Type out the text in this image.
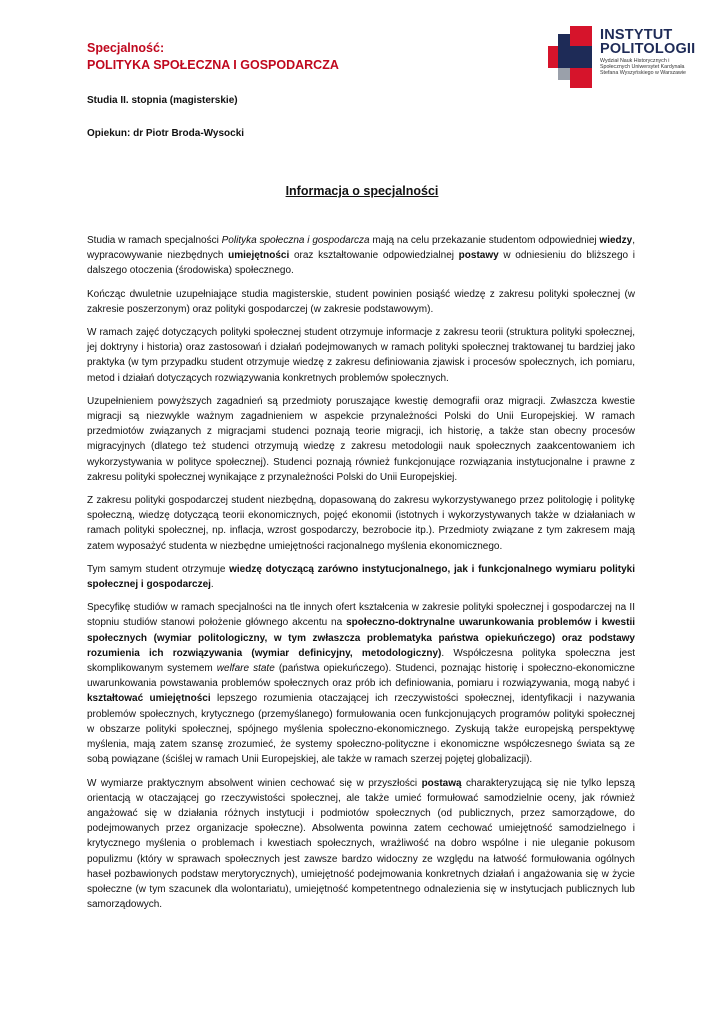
Specjalność:
POLITYKA SPOŁECZNA I GOSPODARCZA
INSTYTUT
POLITOLOGII
Wydział Nauk Historycznych i Społecznych Uniwersytet Kardynała Stefana Wyszyńskiego w Warszawie
Studia II. stopnia (magisterskie)
Opiekun: dr Piotr Broda-Wysocki
Informacja o specjalności

Studia w ramach specjalności Polityka społeczna i gospodarcza mają na celu przekazanie studentom odpowiedniej wiedzy, wypracowywanie niezbędnych umiejętności oraz kształtowanie odpowiedzialnej postawy w odniesieniu do bliższego i dalszego otoczenia (środowiska) społecznego.

Kończąc dwuletnie uzupełniające studia magisterskie, student powinien posiąść wiedzę z zakresu polityki społecznej (w zakresie poszerzonym) oraz polityki gospodarczej (w zakresie podstawowym).

W ramach zajęć dotyczących polityki społecznej student otrzymuje informacje z zakresu teorii (struktura polityki społecznej, jej doktryny i historia) oraz zastosowań i działań podejmowanych w ramach polityki społecznej traktowanej tu bardziej jako praktyka (w tym przypadku student otrzymuje wiedzę z zakresu definiowania zjawisk i procesów społecznych, ich pomiaru, metod i działań dotyczących rozwiązywania konkretnych problemów społecznych.

Uzupełnieniem powyższych zagadnień są przedmioty poruszające kwestię demografii oraz migracji. Zwłaszcza kwestie migracji są niezwykle ważnym zagadnieniem w aspekcie przynależności Polski do Unii Europejskiej. W ramach przedmiotów związanych z migracjami studenci poznają teorie migracji, ich historię, a także stan obecny procesów migracyjnych (dlatego też studenci otrzymują wiedzę z zakresu metodologii nauk społecznych zaakcentowaniem ich wykorzystywania w polityce społecznej). Studenci poznają również funkcjonujące rozwiązania instytucjonalne i prawne z zakresu polityki społecznej wynikające z przynależności Polski do Unii Europejskiej.

Z zakresu polityki gospodarczej student niezbędną, dopasowaną do zakresu wykorzystywanego przez politologię i politykę społeczną, wiedzę dotyczącą teorii ekonomicznych, pojęć ekonomii (istotnych i wykorzystywanych także w działaniach w ramach polityki społecznej, np. inflacja, wzrost gospodarczy, bezrobocie itp.). Przedmioty związane z tym zakresem mają zatem wyposażyć studenta w niezbędne umiejętności racjonalnego myślenia ekonomicznego.

Tym samym student otrzymuje wiedzę dotyczącą zarówno instytucjonalnego, jak i funkcjonalnego wymiaru polityki społecznej i gospodarczej.

Specyfikę studiów w ramach specjalności na tle innych ofert kształcenia w zakresie polityki społecznej i gospodarczej na II stopniu studiów stanowi położenie głównego akcentu na społeczno-doktrynalne uwarunkowania problemów i kwestii społecznych (wymiar politologiczny, w tym zwłaszcza problematyka państwa opiekuńczego) oraz podstawy rozumienia ich rozwiązywania (wymiar definicyjny, metodologiczny). Współczesna polityka społeczna jest skomplikowanym systemem welfare state (państwa opiekuńczego). Studenci, poznając historię i społeczno-ekonomiczne uwarunkowania powstawania problemów społecznych oraz prób ich definiowania, pomiaru i rozwiązywania, mogą nabyć i kształtować umiejętności lepszego rozumienia otaczającej ich rzeczywistości społecznej, identyfikacji i nazywania problemów społecznych, krytycznego (przemyślanego) formułowania ocen funkcjonujących programów polityki społecznej w obszarze polityki społecznej, spójnego myślenia społeczno-ekonomicznego. Zyskują także europejską perspektywę myślenia, mają zatem szansę zrozumieć, że systemy społeczno-polityczne i ekonomiczne współczesnego świata są ze sobą powiązane (ściślej w ramach Unii Europejskiej, ale także w ramach szerzej pojętej globalizacji).

W wymiarze praktycznym absolwent winien cechować się w przyszłości postawą charakteryzującą się nie tylko lepszą orientacją w otaczającej go rzeczywistości społecznej, ale także umieć formułować samodzielnie oceny, jak również angażować się w działania różnych instytucji i podmiotów społecznych (od publicznych, przez samorządowe, do podejmowanych przez organizacje społeczne). Absolwenta powinna zatem cechować umiejętność samodzielnego i krytycznego myślenia o problemach i kwestiach społecznych, wrażliwość na dobro wspólne i nie uleganie pokusom populizmu (który w sprawach społecznych jest zawsze bardzo widoczny ze względu na łatwość formułowania ogólnych haseł pozbawionych podstaw merytorycznych), umiejętność podejmowania konkretnych działań i angażowania się w życie społeczne (w tym szacunek dla wolontariatu), umiejętność kompetentnego odnalezienia się w instytucjach publicznych lub samorządowych.
